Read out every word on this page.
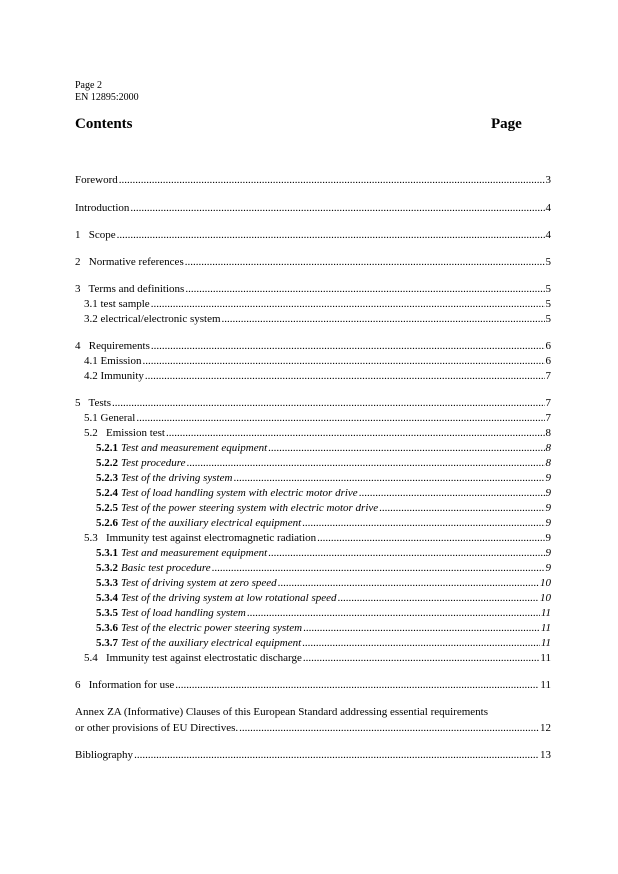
Page 2
EN 12895:2000
Contents	Page
Foreword .....	3
Introduction .....	4
1   Scope .....	4
2   Normative references .....	5
3   Terms and definitions .....	5
3.1 test sample .....	5
3.2 electrical/electronic system .....	5
4   Requirements .....	6
4.1 Emission .....	6
4.2 Immunity .....	7
5   Tests .....	7
5.1 General .....	7
5.2   Emission test .....	8
5.2.1 Test and measurement equipment .....	8
5.2.2 Test procedure .....	8
5.2.3 Test of the driving system .....	9
5.2.4 Test of load handling system with electric motor drive .....	9
5.2.5 Test of the power steering system with electric motor drive .....	9
5.2.6 Test of the auxiliary electrical equipment .....	9
5.3   Immunity test against electromagnetic radiation .....	9
5.3.1 Test and measurement equipment .....	9
5.3.2 Basic test procedure .....	9
5.3.3 Test of driving system at zero speed .....	10
5.3.4 Test of the driving system at low rotational speed .....	10
5.3.5 Test of load handling system .....	11
5.3.6 Test of the electric power steering system .....	11
5.3.7 Test of the auxiliary electrical equipment .....	11
5.4   Immunity test against electrostatic discharge .....	11
6   Information for use .....	11
Annex ZA (Informative) Clauses of this European Standard addressing essential requirements
or other provisions of EU Directives. .....	12
Bibliography .....	13
